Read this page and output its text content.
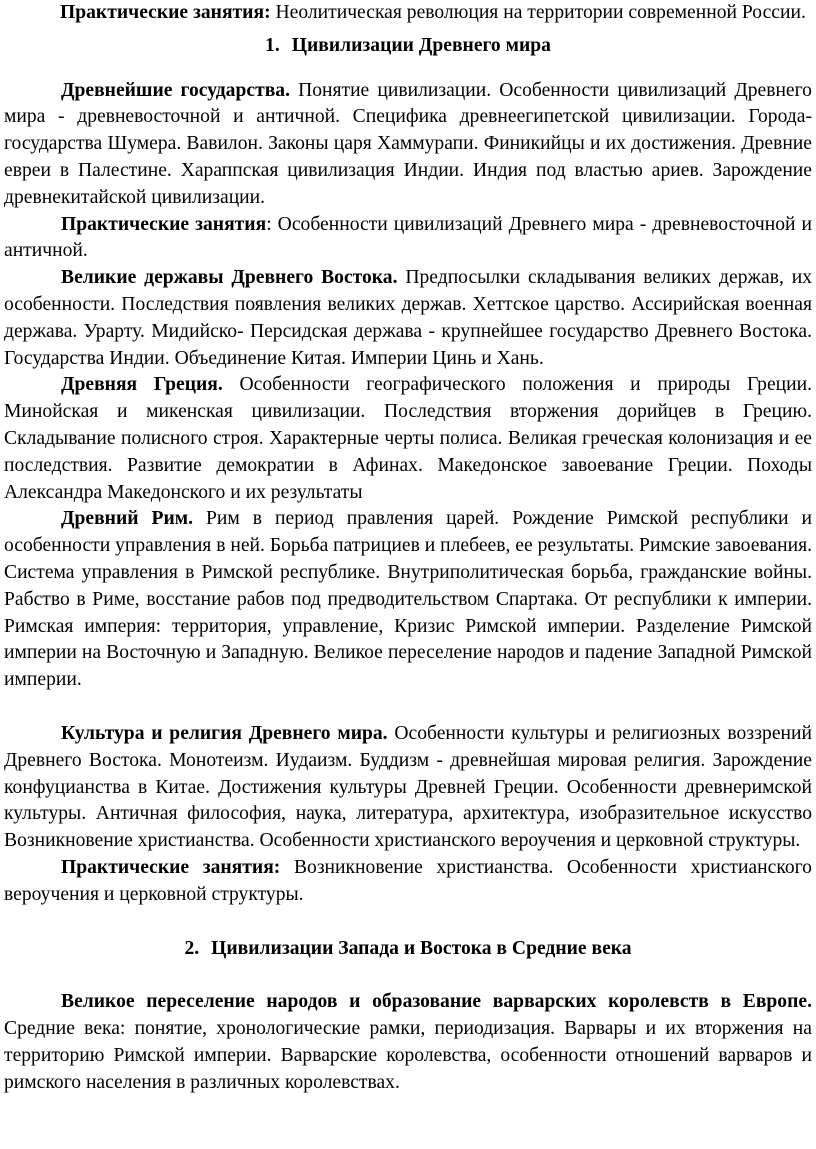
Практические занятия: Неолитическая революция на территории современной России.

1. Цивилизации Древнего мира

Древнейшие государства. Понятие цивилизации. Особенности цивилизаций Древнего мира - древневосточной и античной. Специфика древнеегипетской цивилизации. Города-государства Шумера. Вавилон. Законы царя Хаммурапи. Финикийцы и их достижения. Древние евреи в Палестине. Хараппская цивилизация Индии. Индия под властью ариев. Зарождение древнекитайской цивилизации.

Практические занятия: Особенности цивилизаций Древнего мира - древневосточной и античной.

Великие державы Древнего Востока. Предпосылки складывания великих держав, их особенности. Последствия появления великих держав. Хеттское царство. Ассирийская военная держава. Урарту. Мидийско- Персидская держава - крупнейшее государство Древнего Востока. Государства Индии. Объединение Китая. Империи Цинь и Хань.

Древняя Греция. Особенности географического положения и природы Греции. Минойская и микенская цивилизации. Последствия вторжения дорийцев в Грецию. Складывание полисного строя. Характерные черты полиса. Великая греческая колонизация и ее последствия. Развитие демократии в Афинах. Македонское завоевание Греции. Походы Александра Македонского и их результаты

Древний Рим. Рим в период правления царей. Рождение Римской республики и особенности управления в ней. Борьба патрициев и плебеев, ее результаты. Римские завоевания. Система управления в Римской республике. Внутриполитическая борьба, гражданские войны. Рабство в Риме, восстание рабов под предводительством Спартака. От республики к империи. Римская империя: территория, управление, Кризис Римской империи. Разделение Римской империи на Восточную и Западную. Великое переселение народов и падение Западной Римской империи.

Культура и религия Древнего мира. Особенности культуры и религиозных воззрений Древнего Востока. Монотеизм. Иудаизм. Буддизм - древнейшая мировая религия. Зарождение конфуцианства в Китае. Достижения культуры Древней Греции. Особенности древнеримской культуры. Античная философия, наука, литература, архитектура, изобразительное искусство Возникновение христианства. Особенности христианского вероучения и церковной структуры.

Практические занятия: Возникновение христианства. Особенности христианского вероучения и церковной структуры.

2. Цивилизации Запада и Востока в Средние века

Великое переселение народов и образование варварских королевств в Европе. Средние века: понятие, хронологические рамки, периодизация. Варвары и их вторжения на территорию Римской империи. Варварские королевства, особенности отношений варваров и римского населения в различных королевствах.
